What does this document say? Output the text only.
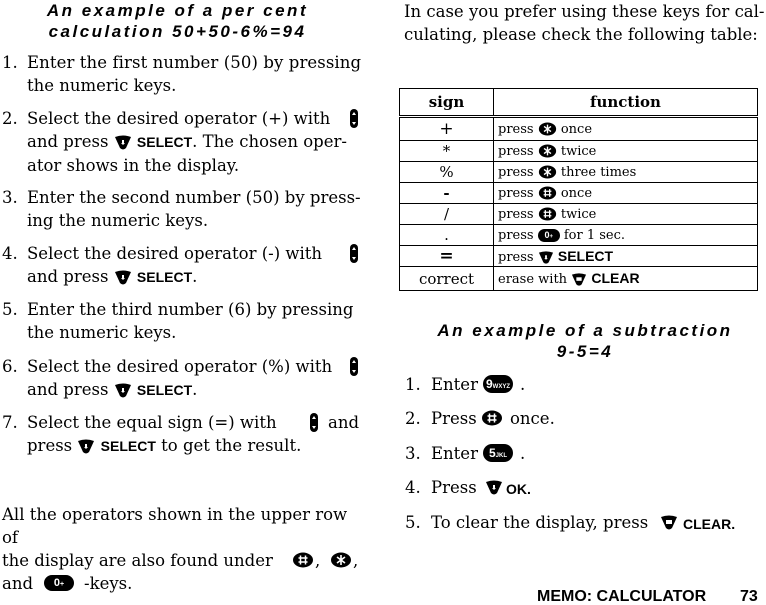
An example of a per cent
calculation 50+50-6%=94
1. Enter the first number (50) by pressing
the numeric keys.
2. Select the desired operator (+) with
and press SELECT. The chosen oper-
ator shows in the display.
3. Enter the second number (50) by press-
ing the numeric keys.
4. Select the desired operator (-) with
and press SELECT.
5. Enter the third number (6) by pressing
the numeric keys.
6. Select the desired operator (%) with
and press SELECT.
7. Select the equal sign (=) with	and
press SELECT to get the result.
All the operators shown in the upper row of
the display are also found under	, ,
and	0+	-keys.
In case you prefer using these keys for cal-
culating, please check the following table:
sign	function
+	press once
*	press twice
%	press three times
-	press once
/	press twice
.	press 0+ for 1 sec.
=	press SELECT
correct	erase with CLEAR
An example of a subtraction
9-5=4
1. Enter 9WXYZ .
2. Press once.
3. Enter 5JKL .
4. Press OK.
5. To clear the display, press CLEAR.
MEMO: CALCULATOR 73
